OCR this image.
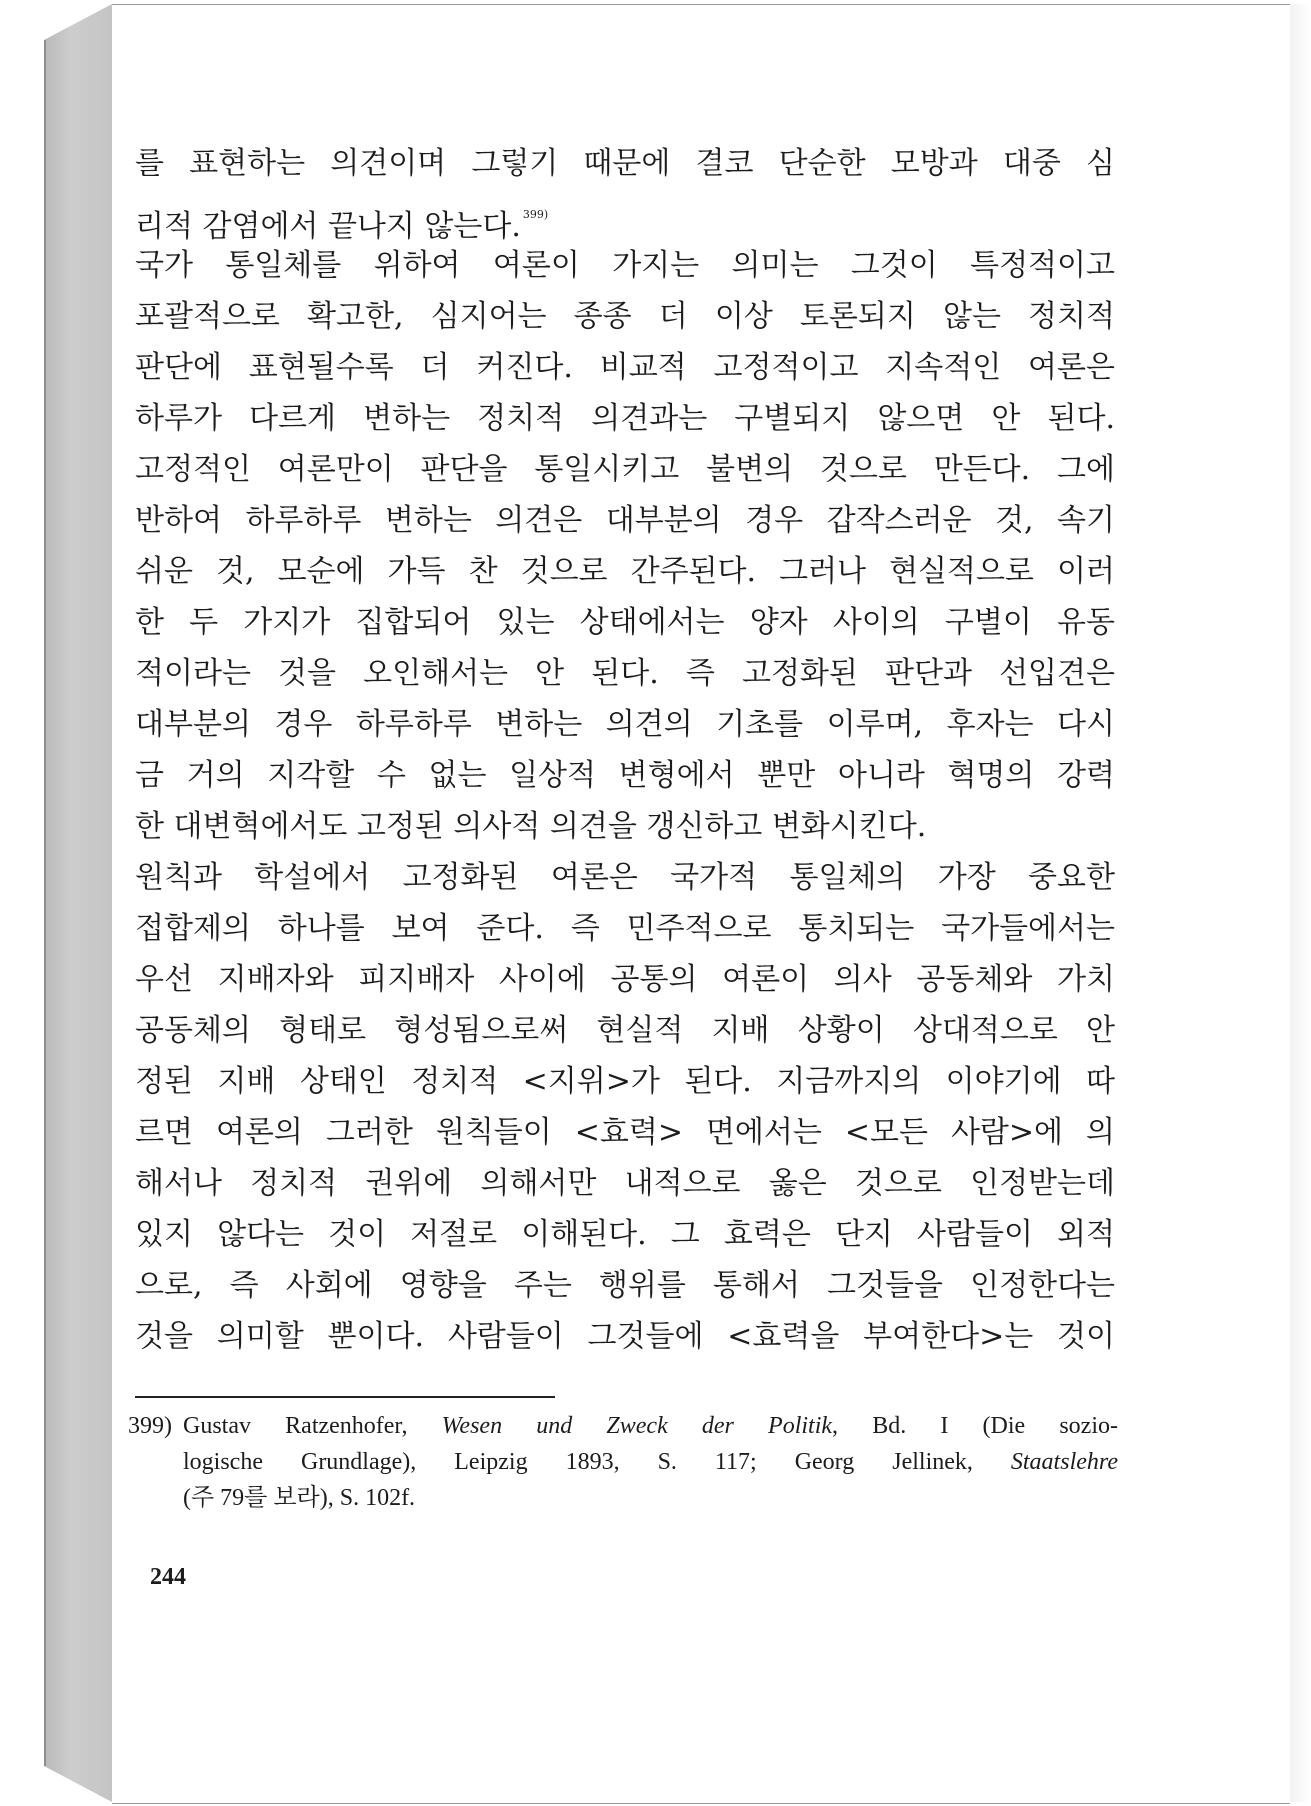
를 표현하는 의견이며 그렇기 때문에 결코 단순한 모방과 대중 심
리적 감염에서 끝나지 않는다. $^{399)}$
국가 통일체를 위하여 여론이 가지는 의미는 그것이 특정적이고
포괄적으로 확고한, 심지어는 종종 더 이상 토론되지 않는 정치적
판단에 표현될수록 더 커진다. 비교적 고정적이고 지속적인 여론은
하루가 다르게 변하는 정치적 의견과는 구별되지 않으면 안 된다.
고정적인 여론만이 판단을 통일시키고 불변의 것으로 만든다. 그에
반하여 하루하루 변하는 의견은 대부분의 경우 갑작스러운 것, 속기
쉬운 것, 모순에 가득 찬 것으로 간주된다. 그러나 현실적으로 이러
한 두 가지가 집합되어 있는 상태에서는 양자 사이의 구별이 유동
적이라는 것을 오인해서는 안 된다. 즉 고정화된 판단과 선입견은
대부분의 경우 하루하루 변하는 의견의 기초를 이루며, 후자는 다시
금 거의 지각할 수 없는 일상적 변형에서 뿐만 아니라 혁명의 강력
한 대변혁에서도 고정된 의사적 의견을 갱신하고 변화시킨다.
원칙과 학설에서 고정화된 여론은 국가적 통일체의 가장 중요한
접합제의 하나를 보여 준다. 즉 민주적으로 통치되는 국가들에서는
우선 지배자와 피지배자 사이에 공통의 여론이 의사 공동체와 가치
공동체의 형태로 형성됨으로써 현실적 지배 상황이 상대적으로 안
정된 지배 상태인 정치적 <지위>가 된다. 지금까지의 이야기에 따
르면 여론의 그러한 원칙들이 <효력> 면에서는 <모든 사람>에 의
해서나 정치적 권위에 의해서만 내적으로 옳은 것으로 인정받는데
있지 않다는 것이 저절로 이해된다. 그 효력은 단지 사람들이 외적
으로, 즉 사회에 영향을 주는 행위를 통해서 그것들을 인정한다는
것을 의미할 뿐이다. 사람들이 그것들에 <효력을 부여한다>는 것이
399) Gustav Ratzenhofer, Wesen und Zweck der Politik, Bd. I (Die sozio-
logische Grundlage), Leipzig 1893, S. 117; Georg Jellinek, Staatslehre
(주 79를 보라), S. 102f.
244
